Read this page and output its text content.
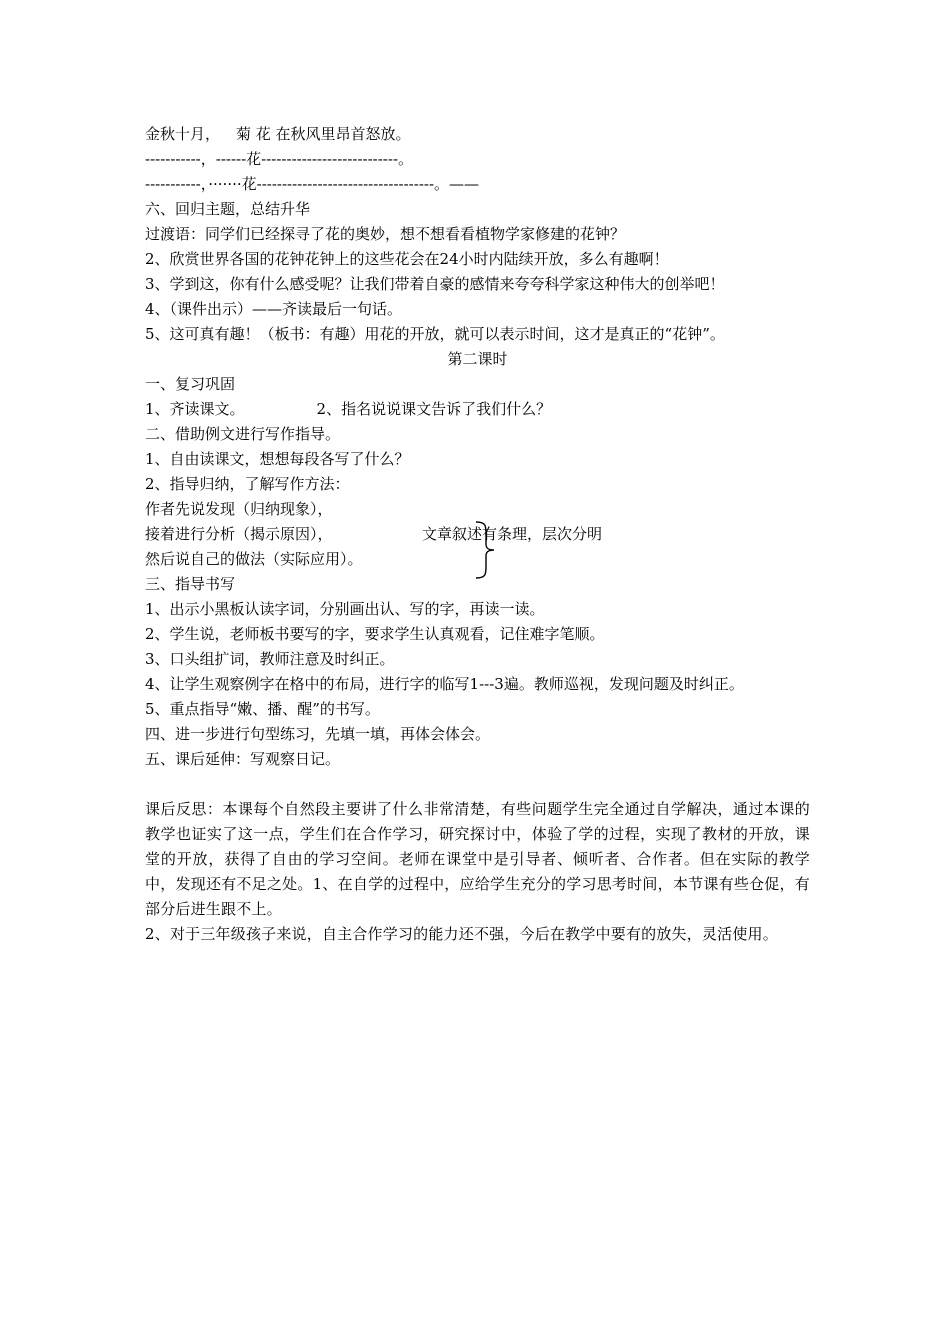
金秋十月， 菊 花 在秋风里昂首怒放。
-----------，------花---------------------------。
-----------，·······花-----------------------------------。——
六、回归主题，总结升华
过渡语：同学们已经探寻了花的奥妙，想不想看看植物学家修建的花钟？
2、欣赏世界各国的花钟花钟上的这些花会在24小时内陆续开放，多么有趣啊！
3、学到这，你有什么感受呢？让我们带着自豪的感情来夸夸科学家这种伟大的创举吧！
4、（课件出示）——齐读最后一句话。
5、这可真有趣！（板书：有趣）用花的开放，就可以表示时间，这才是真正的“花钟”。
第二课时
一、复习巩固
1、齐读课文。	2、指名说说课文告诉了我们什么？
二、借助例文进行写作指导。
1、自由读课文，想想每段各写了什么？
2、指导归纳，了解写作方法：
作者先说发现（归纳现象），
接着进行分析（揭示原因），
然后说自己的做法（实际应用）。
文章叙述有条理，层次分明
三、指导书写
1、出示小黑板认读字词，分别画出认、写的字，再读一读。
2、学生说，老师板书要写的字，要求学生认真观看，记住难字笔顺。
3、口头组扩词，教师注意及时纠正。
4、让学生观察例字在格中的布局，进行字的临写1---3遍。教师巡视，发现问题及时纠正。
5、重点指导“嫩、播、醒”的书写。
四、进一步进行句型练习，先填一填，再体会体会。
五、课后延伸：写观察日记。
课后反思：本课每个自然段主要讲了什么非常清楚，有些问题学生完全通过自学解决，通过本课的教学也证实了这一点，学生们在合作学习，研究探讨中，体验了学的过程，实现了教材的开放，课堂的开放，获得了自由的学习空间。老师在课堂中是引导者、倾听者、合作者。但在实际的教学中，发现还有不足之处。1、在自学的过程中，应给学生充分的学习思考时间，本节课有些仓促，有部分后进生跟不上。
2、对于三年级孩子来说，自主合作学习的能力还不强，今后在教学中要有的放失，灵活使用。
